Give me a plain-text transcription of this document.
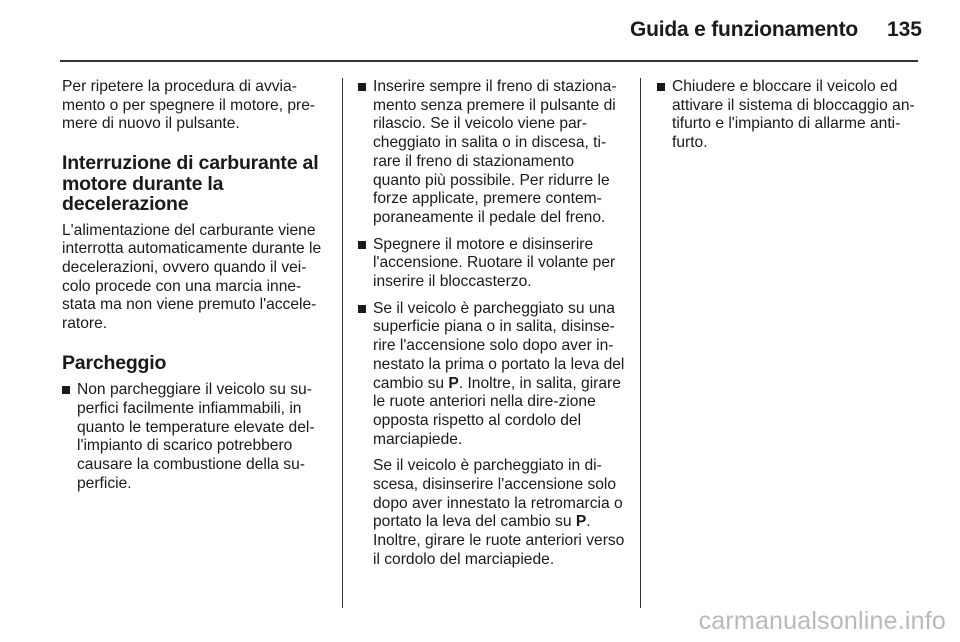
Guida e funzionamento 135

Per ripetere la procedura di avvia-mento o per spegnere il motore, pre-mere di nuovo il pulsante.

Interruzione di carburante al motore durante la decelerazione

L'alimentazione del carburante viene interrotta automaticamente durante le decelerazioni, ovvero quando il vei-colo procede con una marcia inne-stata ma non viene premuto l'accele-ratore.

Parcheggio
Non parcheggiare il veicolo su su-perfici facilmente infiammabili, in quanto le temperature elevate del-l'impianto di scarico potrebbero causare la combustione della su-perficie.
Inserire sempre il freno di staziona-mento senza premere il pulsante di rilascio. Se il veicolo viene par-cheggiato in salita o in discesa, ti-rare il freno di stazionamento quanto più possibile. Per ridurre le forze applicate, premere contem-poraneamente il pedale del freno.
Spegnere il motore e disinserire l'accensione. Ruotare il volante per inserire il bloccasterzo.
Se il veicolo è parcheggiato su una superficie piana o in salita, disinse-rire l'accensione solo dopo aver in-nestato la prima o portato la leva del cambio su P. Inoltre, in salita, girare le ruote anteriori nella dire-zione opposta rispetto al cordolo del marciapiede.

Se il veicolo è parcheggiato in di-scesa, disinserire l'accensione solo dopo aver innestato la retromarcia o portato la leva del cambio su P. Inoltre, girare le ruote anteriori verso il cordolo del marciapiede.

Chiudere e bloccare il veicolo ed attivare il sistema di bloccaggio an-tifurto e l'impianto di allarme anti-furto.
carmanualsonline.info
